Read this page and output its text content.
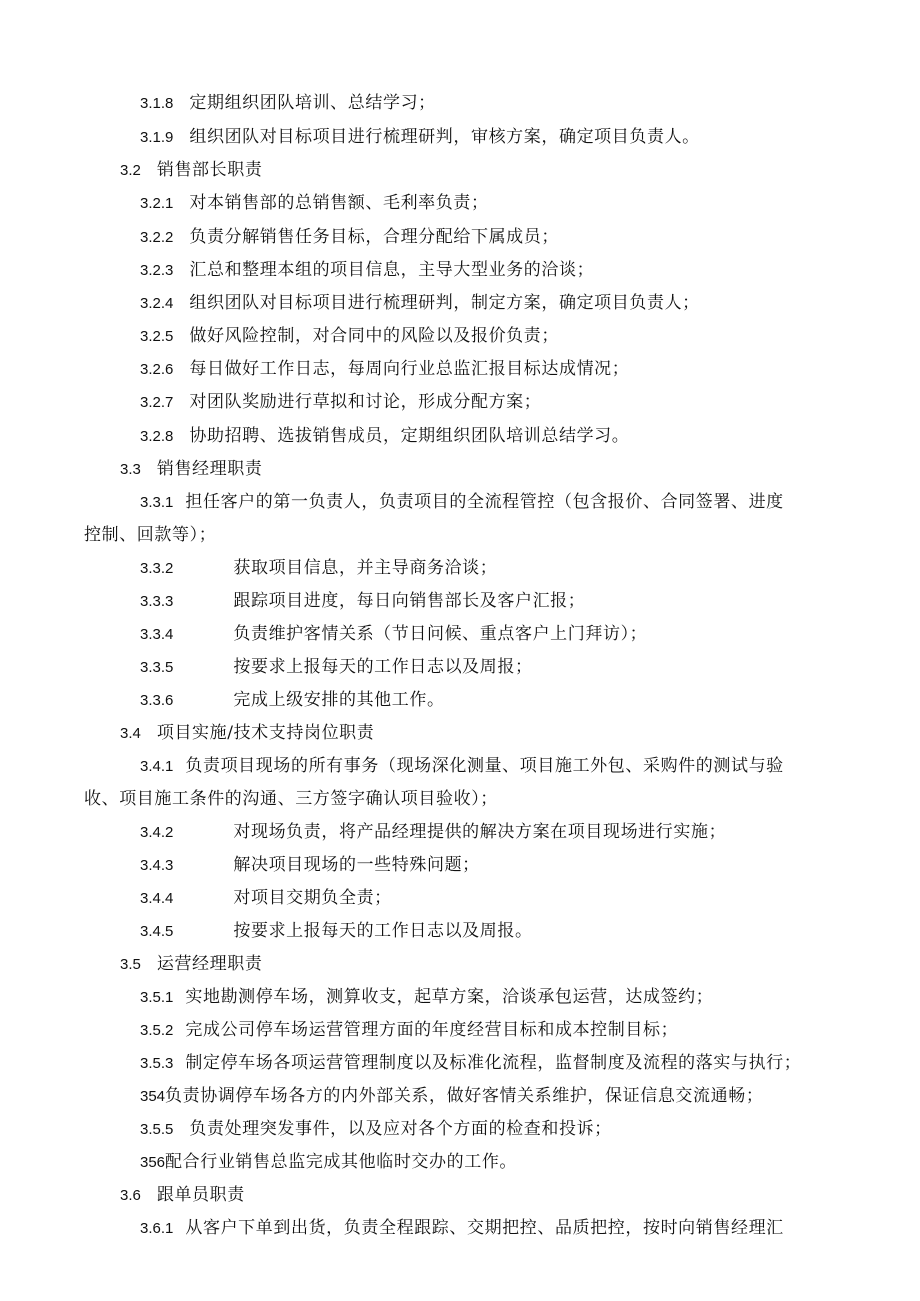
3.1.8 定期组织团队培训、总结学习；
3.1.9 组织团队对目标项目进行梳理研判，审核方案，确定项目负责人。
3.2 销售部长职责
3.2.1 对本销售部的总销售额、毛利率负责；
3.2.2 负责分解销售任务目标，合理分配给下属成员；
3.2.3 汇总和整理本组的项目信息，主导大型业务的洽谈；
3.2.4 组织团队对目标项目进行梳理研判，制定方案，确定项目负责人；
3.2.5 做好风险控制，对合同中的风险以及报价负责；
3.2.6 每日做好工作日志，每周向行业总监汇报目标达成情况；
3.2.7 对团队奖励进行草拟和讨论，形成分配方案；
3.2.8 协助招聘、选拔销售成员，定期组织团队培训总结学习。
3.3 销售经理职责
3.3.1 担任客户的第一负责人，负责项目的全流程管控（包含报价、合同签署、进度
控制、回款等）；
3.3.2	获取项目信息，并主导商务洽谈；
3.3.3	跟踪项目进度，每日向销售部长及客户汇报；
3.3.4	负责维护客情关系（节日问候、重点客户上门拜访）；
3.3.5	按要求上报每天的工作日志以及周报；
3.3.6	完成上级安排的其他工作。
3.4 项目实施/技术支持岗位职责
3.4.1 负责项目现场的所有事务（现场深化测量、项目施工外包、采购件的测试与验
收、项目施工条件的沟通、三方签字确认项目验收）；
3.4.2	对现场负责，将产品经理提供的解决方案在项目现场进行实施；
3.4.3	解决项目现场的一些特殊问题；
3.4.4	对项目交期负全责；
3.4.5	按要求上报每天的工作日志以及周报。
3.5 运营经理职责
3.5.1 实地勘测停车场，测算收支，起草方案，洽谈承包运营，达成签约；
3.5.2 完成公司停车场运营管理方面的年度经营目标和成本控制目标；
3.5.3 制定停车场各项运营管理制度以及标准化流程，监督制度及流程的落实与执行；
354负责协调停车场各方的内外部关系，做好客情关系维护，保证信息交流通畅；
3.5.5 负责处理突发事件，以及应对各个方面的检查和投诉；
356配合行业销售总监完成其他临时交办的工作。
3.6 跟单员职责
3.6.1 从客户下单到出货，负责全程跟踪、交期把控、品质把控，按时向销售经理汇
